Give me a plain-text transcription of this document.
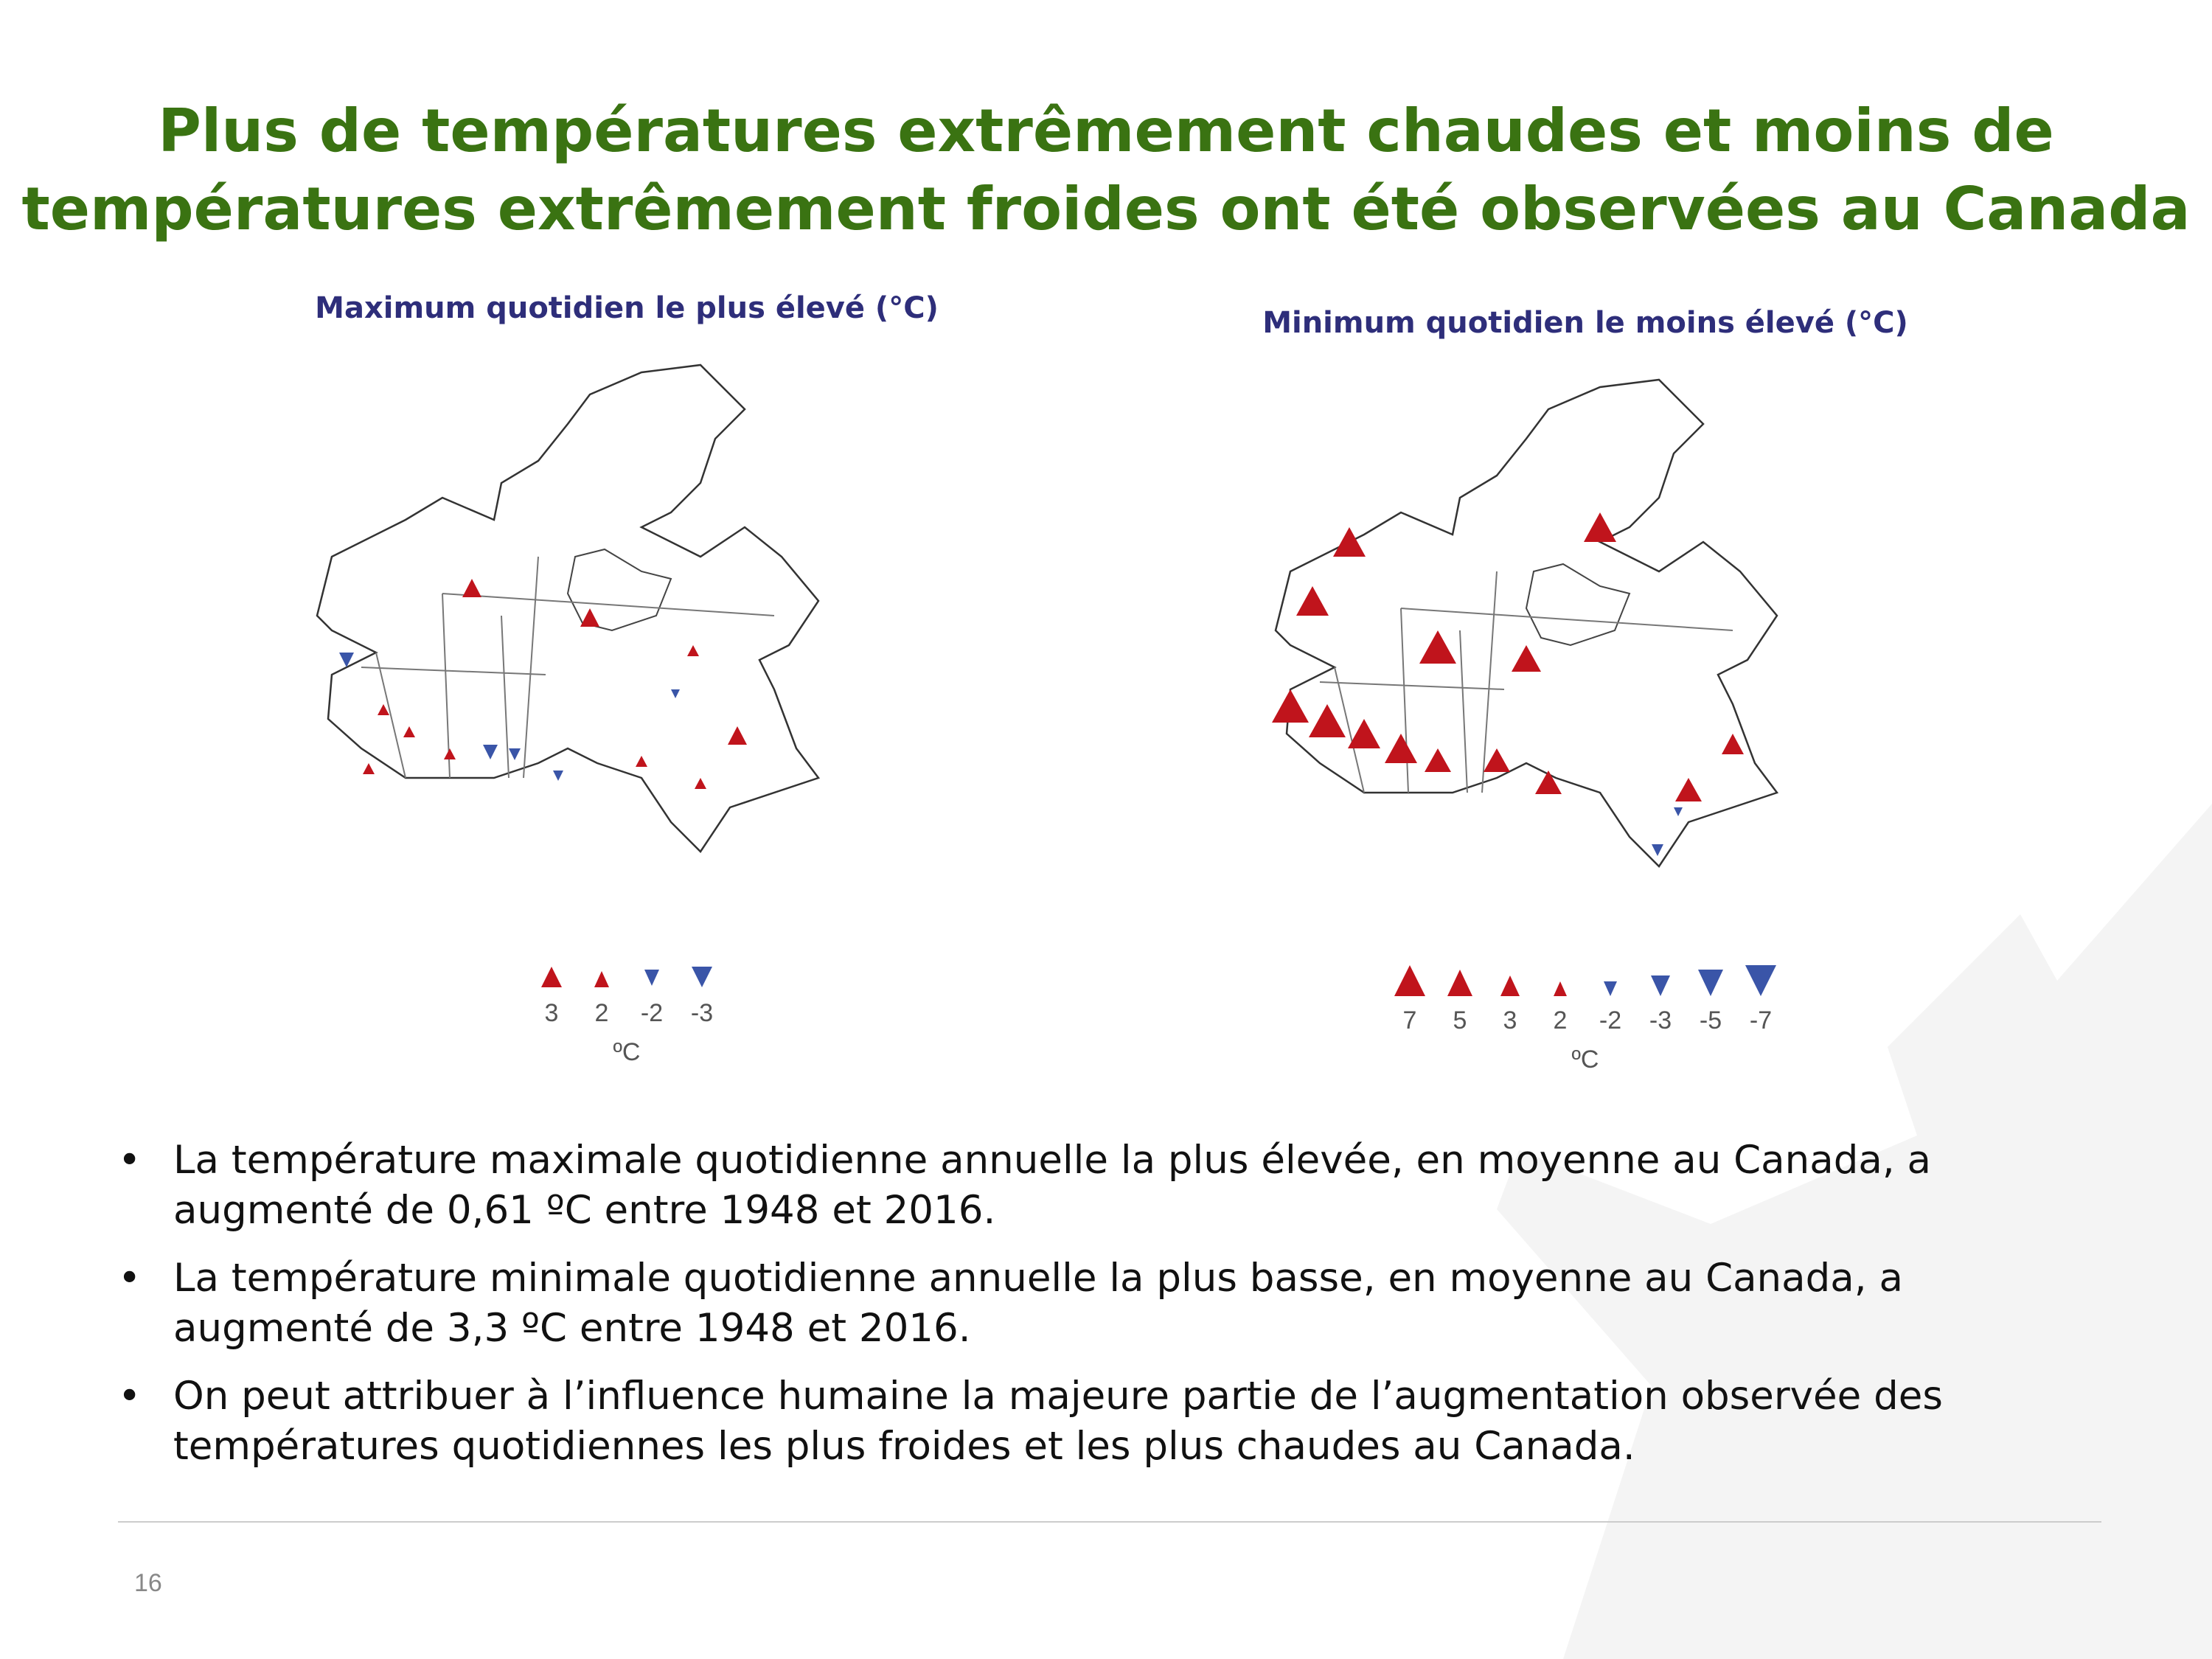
Plus de températures extrêmement chaudes et moins de
températures extrêmement froides ont été observées au Canada
Maximum quotidien le plus élevé (°C)
3 2 -2 -3
ºC
Minimum quotidien le moins élevé (°C)
7 5 3 2 -2 -3 -5 -7
ºC
• La température maximale quotidienne annuelle la plus élevée, en moyenne au Canada, a
augmenté de 0,61 ºC entre 1948 et 2016.
• La température minimale quotidienne annuelle la plus basse, en moyenne au Canada, a
augmenté de 3,3 ºC entre 1948 et 2016.
• On peut attribuer à l’influence humaine la majeure partie de l’augmentation observée des
températures quotidiennes les plus froides et les plus chaudes au Canada.
16
